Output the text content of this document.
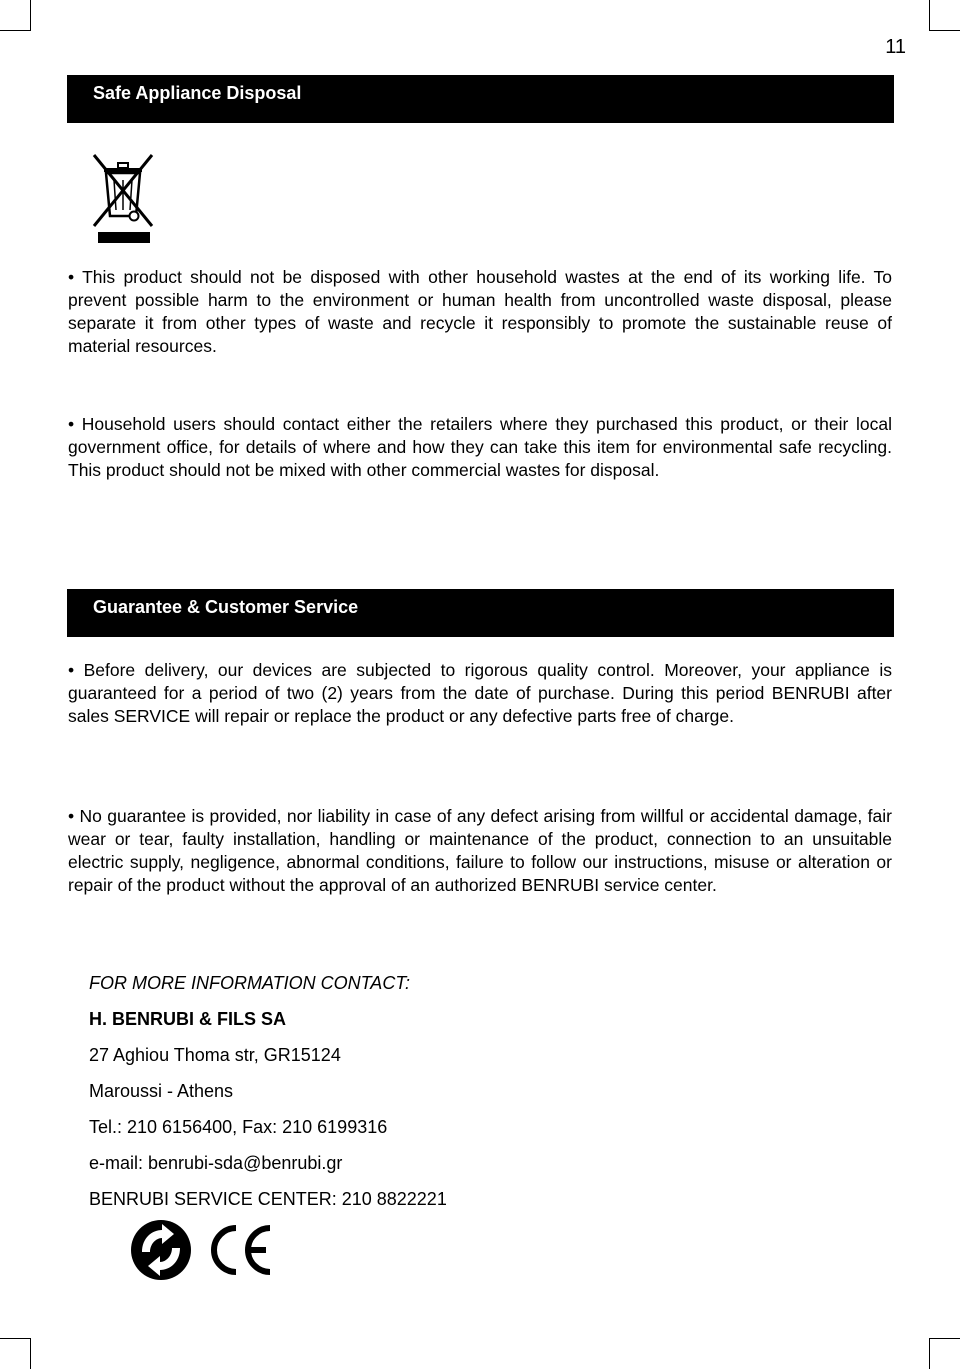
11
Safe Appliance Disposal

• This product should not be disposed with other household wastes at the end of its working life. To prevent possible harm to the environment or human health from uncontrolled waste disposal, please separate it from other types of waste and recycle it responsibly to promote the sustainable reuse of material resources.

• Household users should contact either the retailers where they purchased this product, or their local government office, for details of where and how they can take this item for environmental safe recycling. This product should not be mixed with other commercial wastes for disposal.

Guarantee & Customer Service

• Before delivery, our devices are subjected to rigorous quality control. Moreover, your appliance is guaranteed for a period of two (2) years from the date of purchase. During this period BENRUBI after sales SERVICE will repair or replace the product or any defective parts free of charge.

• No guarantee is provided, nor liability in case of any defect arising from willful or accidental damage, fair wear or tear, faulty installation, handling or maintenance of the product, connection to an unsuitable electric supply, negligence, abnormal conditions, failure to follow our instructions, misuse or alteration or repair of the product without the approval of an authorized BENRUBI service center.

FOR MORE INFORMATION CONTACT:
H. BENRUBI & FILS SA
27 Aghiou Thoma str, GR15124
Maroussi - Athens
Tel.: 210 6156400, Fax: 210 6199316
e-mail: benrubi-sda@benrubi.gr
BENRUBI SERVICE CENTER: 210 8822221
